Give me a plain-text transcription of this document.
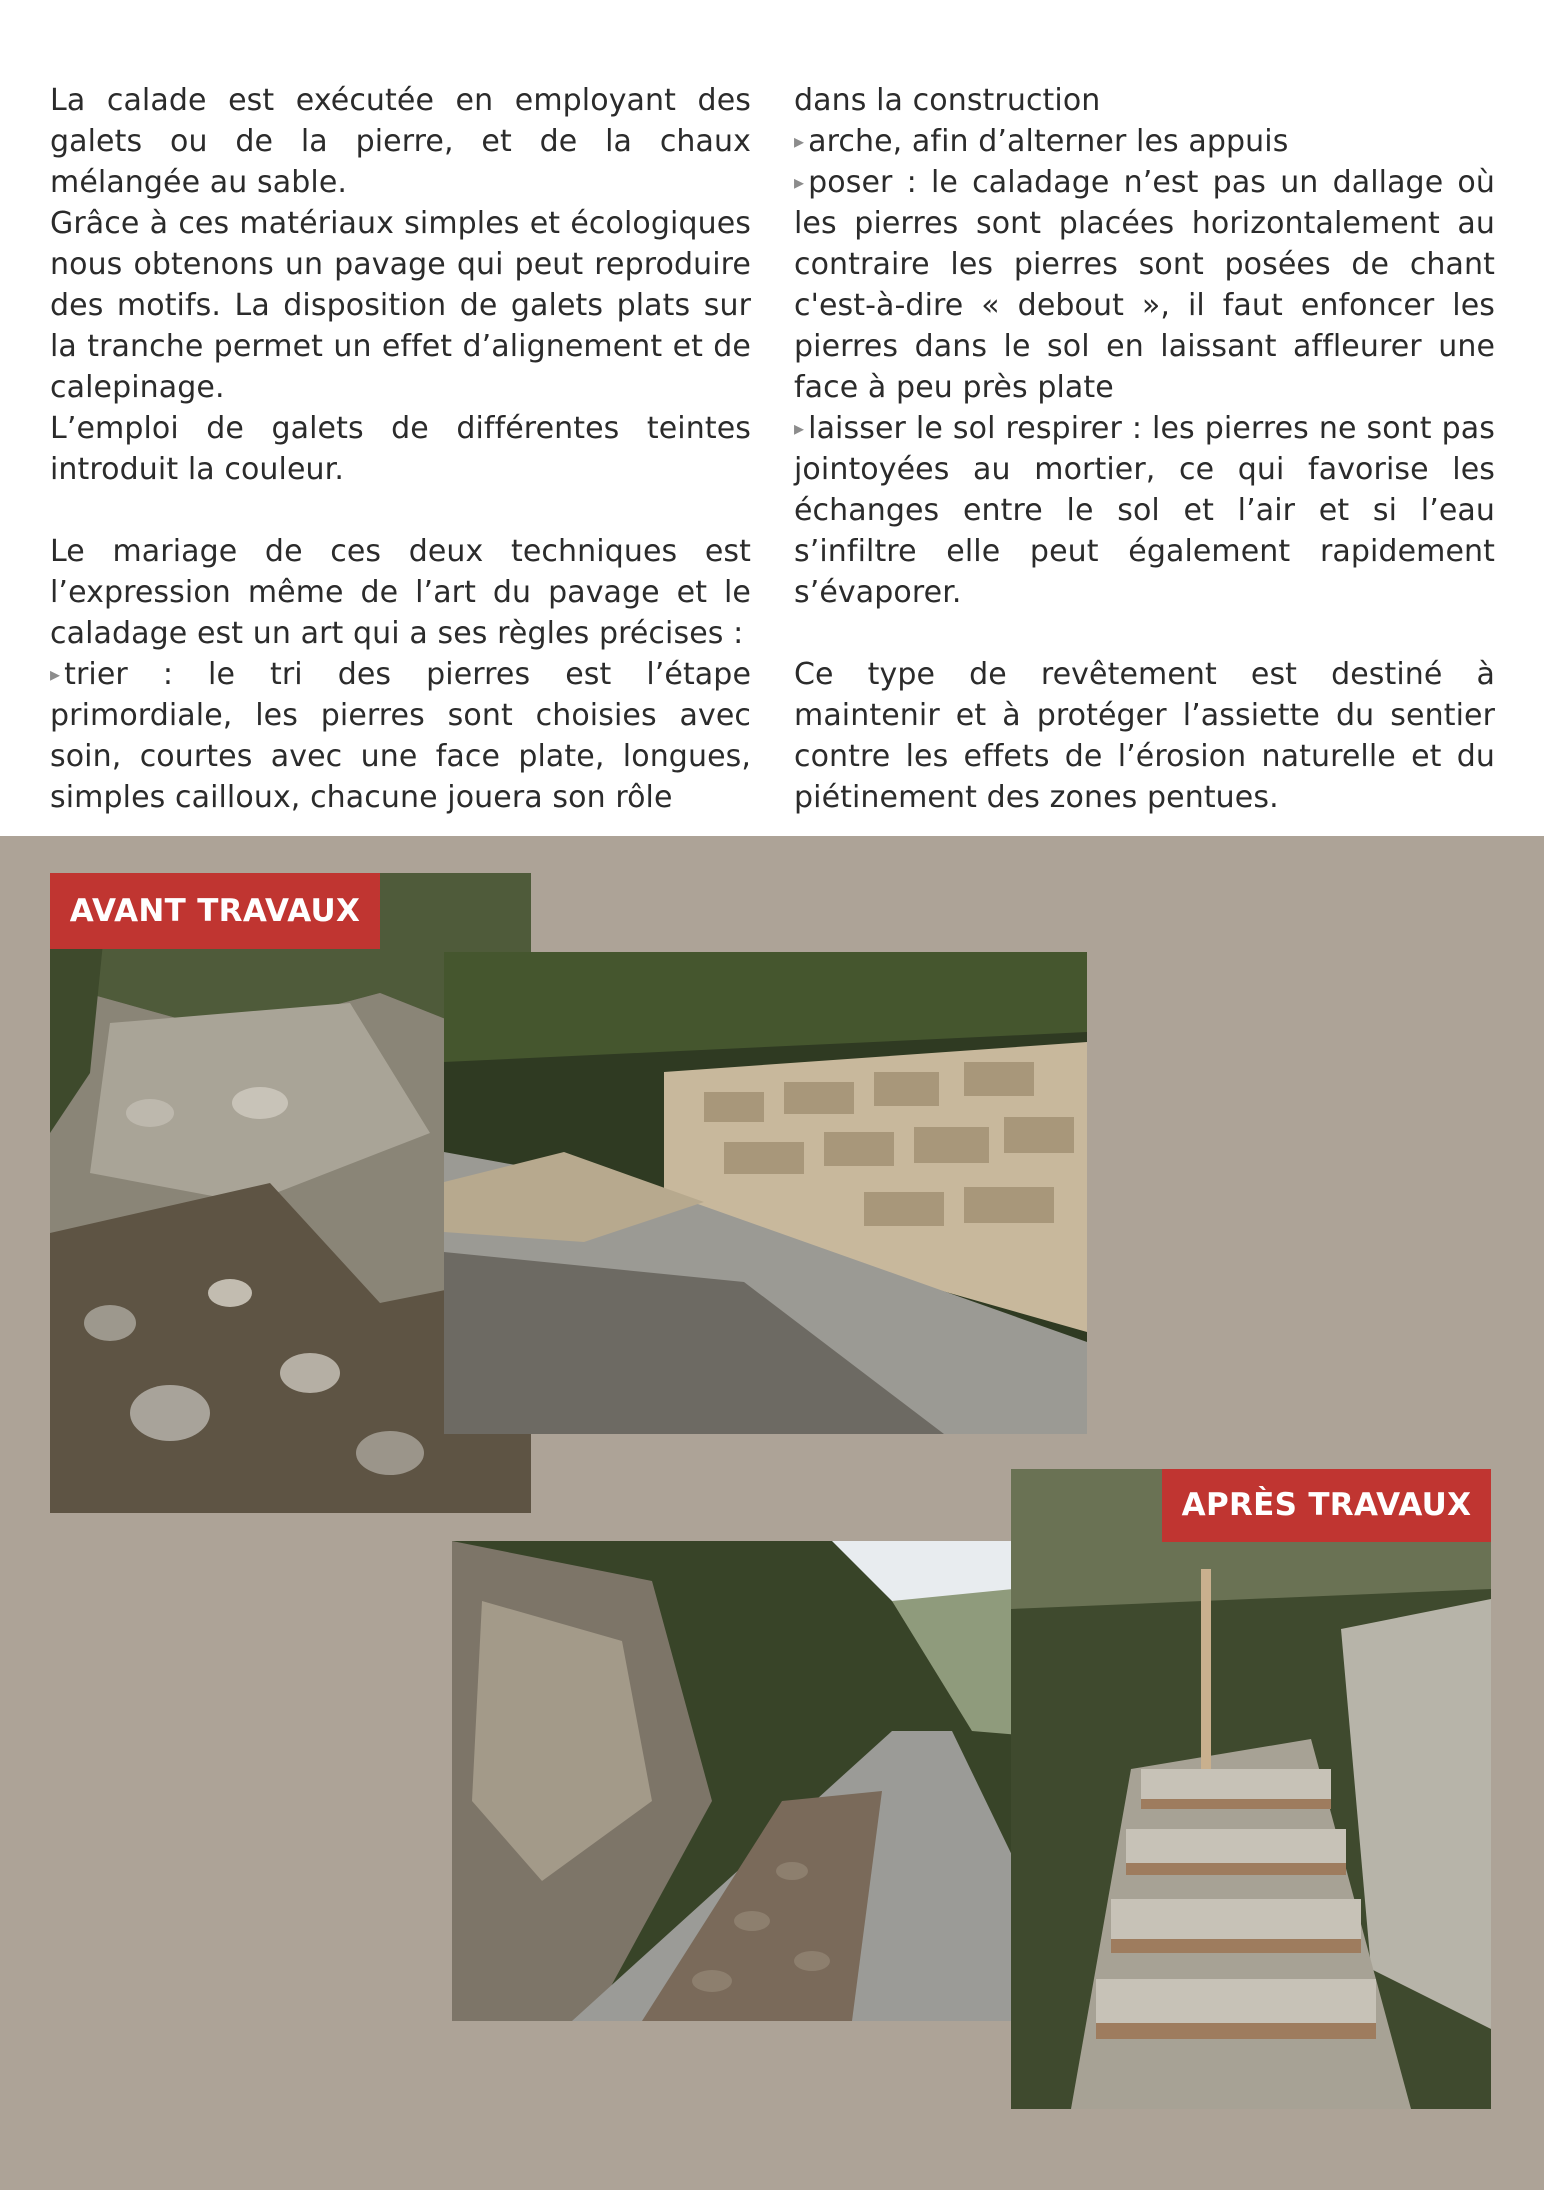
La calade est exécutée en employant des galets ou de la pierre, et de la chaux mélangée au sable.

Grâce à ces matériaux simples et écologiques nous obtenons un pavage qui peut reproduire des motifs. La disposition de galets plats sur la tranche permet un effet d’alignement et de calepinage.

L’emploi de galets de différentes teintes introduit la couleur.

Le mariage de ces deux techniques est l’expression même de l’art du pavage et le caladage est un art qui a ses règles précises :

▸ trier : le tri des pierres est l’étape primordiale, les pierres sont choisies avec soin, courtes avec une face plate, longues, simples cailloux, chacune jouera son rôle

dans la construction

▸ arche, afin d’alterner les appuis

▸ poser : le caladage n’est pas un dallage où les pierres sont placées horizontalement au contraire les pierres sont posées de chant c'est-à-dire « debout », il faut enfoncer les pierres dans le sol en laissant affleurer une face à peu près plate

▸ laisser le sol respirer : les pierres ne sont pas jointoyées au mortier, ce qui favorise les échanges entre le sol et l’air et si l’eau s’infiltre elle peut également rapidement s’évaporer.

Ce type de revêtement est destiné à maintenir et à protéger l’assiette du sentier contre les effets de l’érosion naturelle et du piétinement des zones pentues.

AVANT TRAVAUX
APRÈS TRAVAUX
